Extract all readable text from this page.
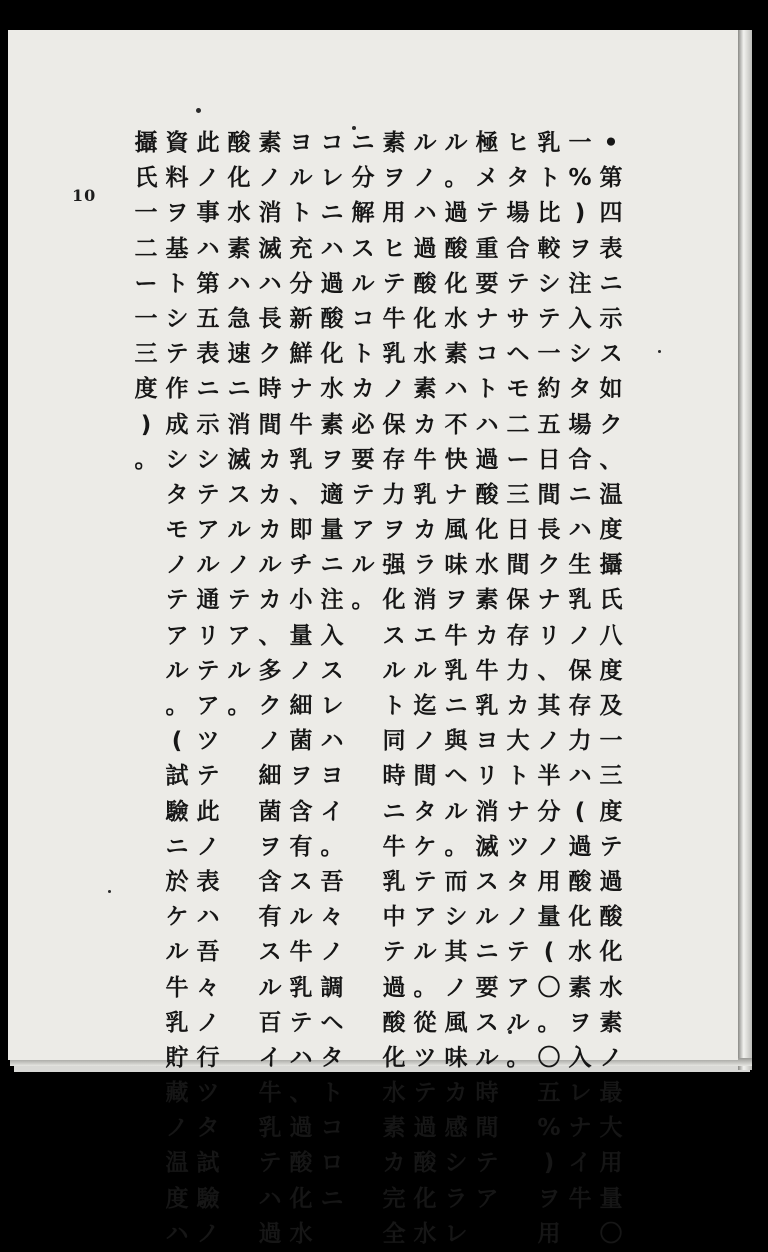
10
•
第
四
表
ニ
示
ス
如
ク
、
温
度
攝
氏
八
度
及
一
三
度
テ
過
酸
化
水
素
ノ
最
大
用
量
〇
一
%
)
ヲ
注
入
シ
タ
場
合
ニ
ハ
生
乳
ノ
保
存
力
ハ
(
過
酸
化
水
素
ヲ
入
レ
ナ
イ
牛
乳
ト
比
較
シ
テ
一
約
五
日
間
長
ク
ナ
リ
、
其
ノ
半
分
ノ
用
量
(
〇
。
〇
五
%
)
ヲ
用
ヒ
タ
場
合
テ
サ
ヘ
モ
二
ー
三
日
間
保
存
力
カ
大
ト
ナ
ツ
タ
ノ
テ
ア
ル
。
極
メ
テ
重
要
ナ
コ
ト
ハ
過
酸
化
水
素
カ
牛
乳
ヨ
リ
消
滅
ス
ル
ニ
要
ス
ル
時
間
テ
ア
ル
。
過
酸
化
水
素
ハ
不
快
ナ
風
味
ヲ
牛
乳
ニ
與
ヘ
ル
。
而
シ
其
ノ
風
味
カ
感
シ
ラ
レ
ル
ノ
ハ
過
酸
化
水
素
カ
牛
乳
カ
ラ
消
エ
ル
迄
ノ
間
タ
ケ
テ
ア
ル
。
從
ツ
テ
過
酸
化
水
素
ヲ
用
ヒ
テ
牛
乳
ノ
保
存
力
ヲ
强
化
ス
ル
ト
同
時
ニ
牛
乳
中
テ
過
酸
化
水
素
カ
完
全
ニ
分
解
ス
ル
コ
ト
カ
必
要
テ
ア
ル
。
コ
レ
ニ
ハ
過
酸
化
水
素
ヲ
適
量
ニ
注
入
ス
レ
ハ
ヨ
イ
。
吾
々
ノ
調
ヘ
タ
ト
コ
ロ
ニ
ヨ
ル
ト
充
分
新
鮮
ナ
牛
乳
、
即
チ
小
量
ノ
細
菌
ヲ
含
有
ス
ル
牛
乳
テ
ハ
、
過
酸
化
水
素
ノ
消
滅
ハ
長
ク
時
間
カ
カ
カ
ル
カ
、
多
ク
ノ
細
菌
ヲ
含
有
ス
ル
百
イ
牛
乳
テ
ハ
過
酸
化
水
素
ハ
急
速
ニ
消
滅
ス
ル
ノ
テ
ア
ル
。
此
ノ
事
ハ
第
五
表
ニ
示
シ
テ
ア
ル
通
リ
テ
ア
ツ
テ
此
ノ
表
ハ
吾
々
ノ
行
ツ
タ
試
驗
ノ
資
料
ヲ
基
ト
シ
テ
作
成
シ
タ
モ
ノ
テ
ア
ル
。
(
試
驗
ニ
於
ケ
ル
牛
乳
貯
藏
ノ
温
度
ハ
攝
氏
一
二
ー
一
三
度
)
。
